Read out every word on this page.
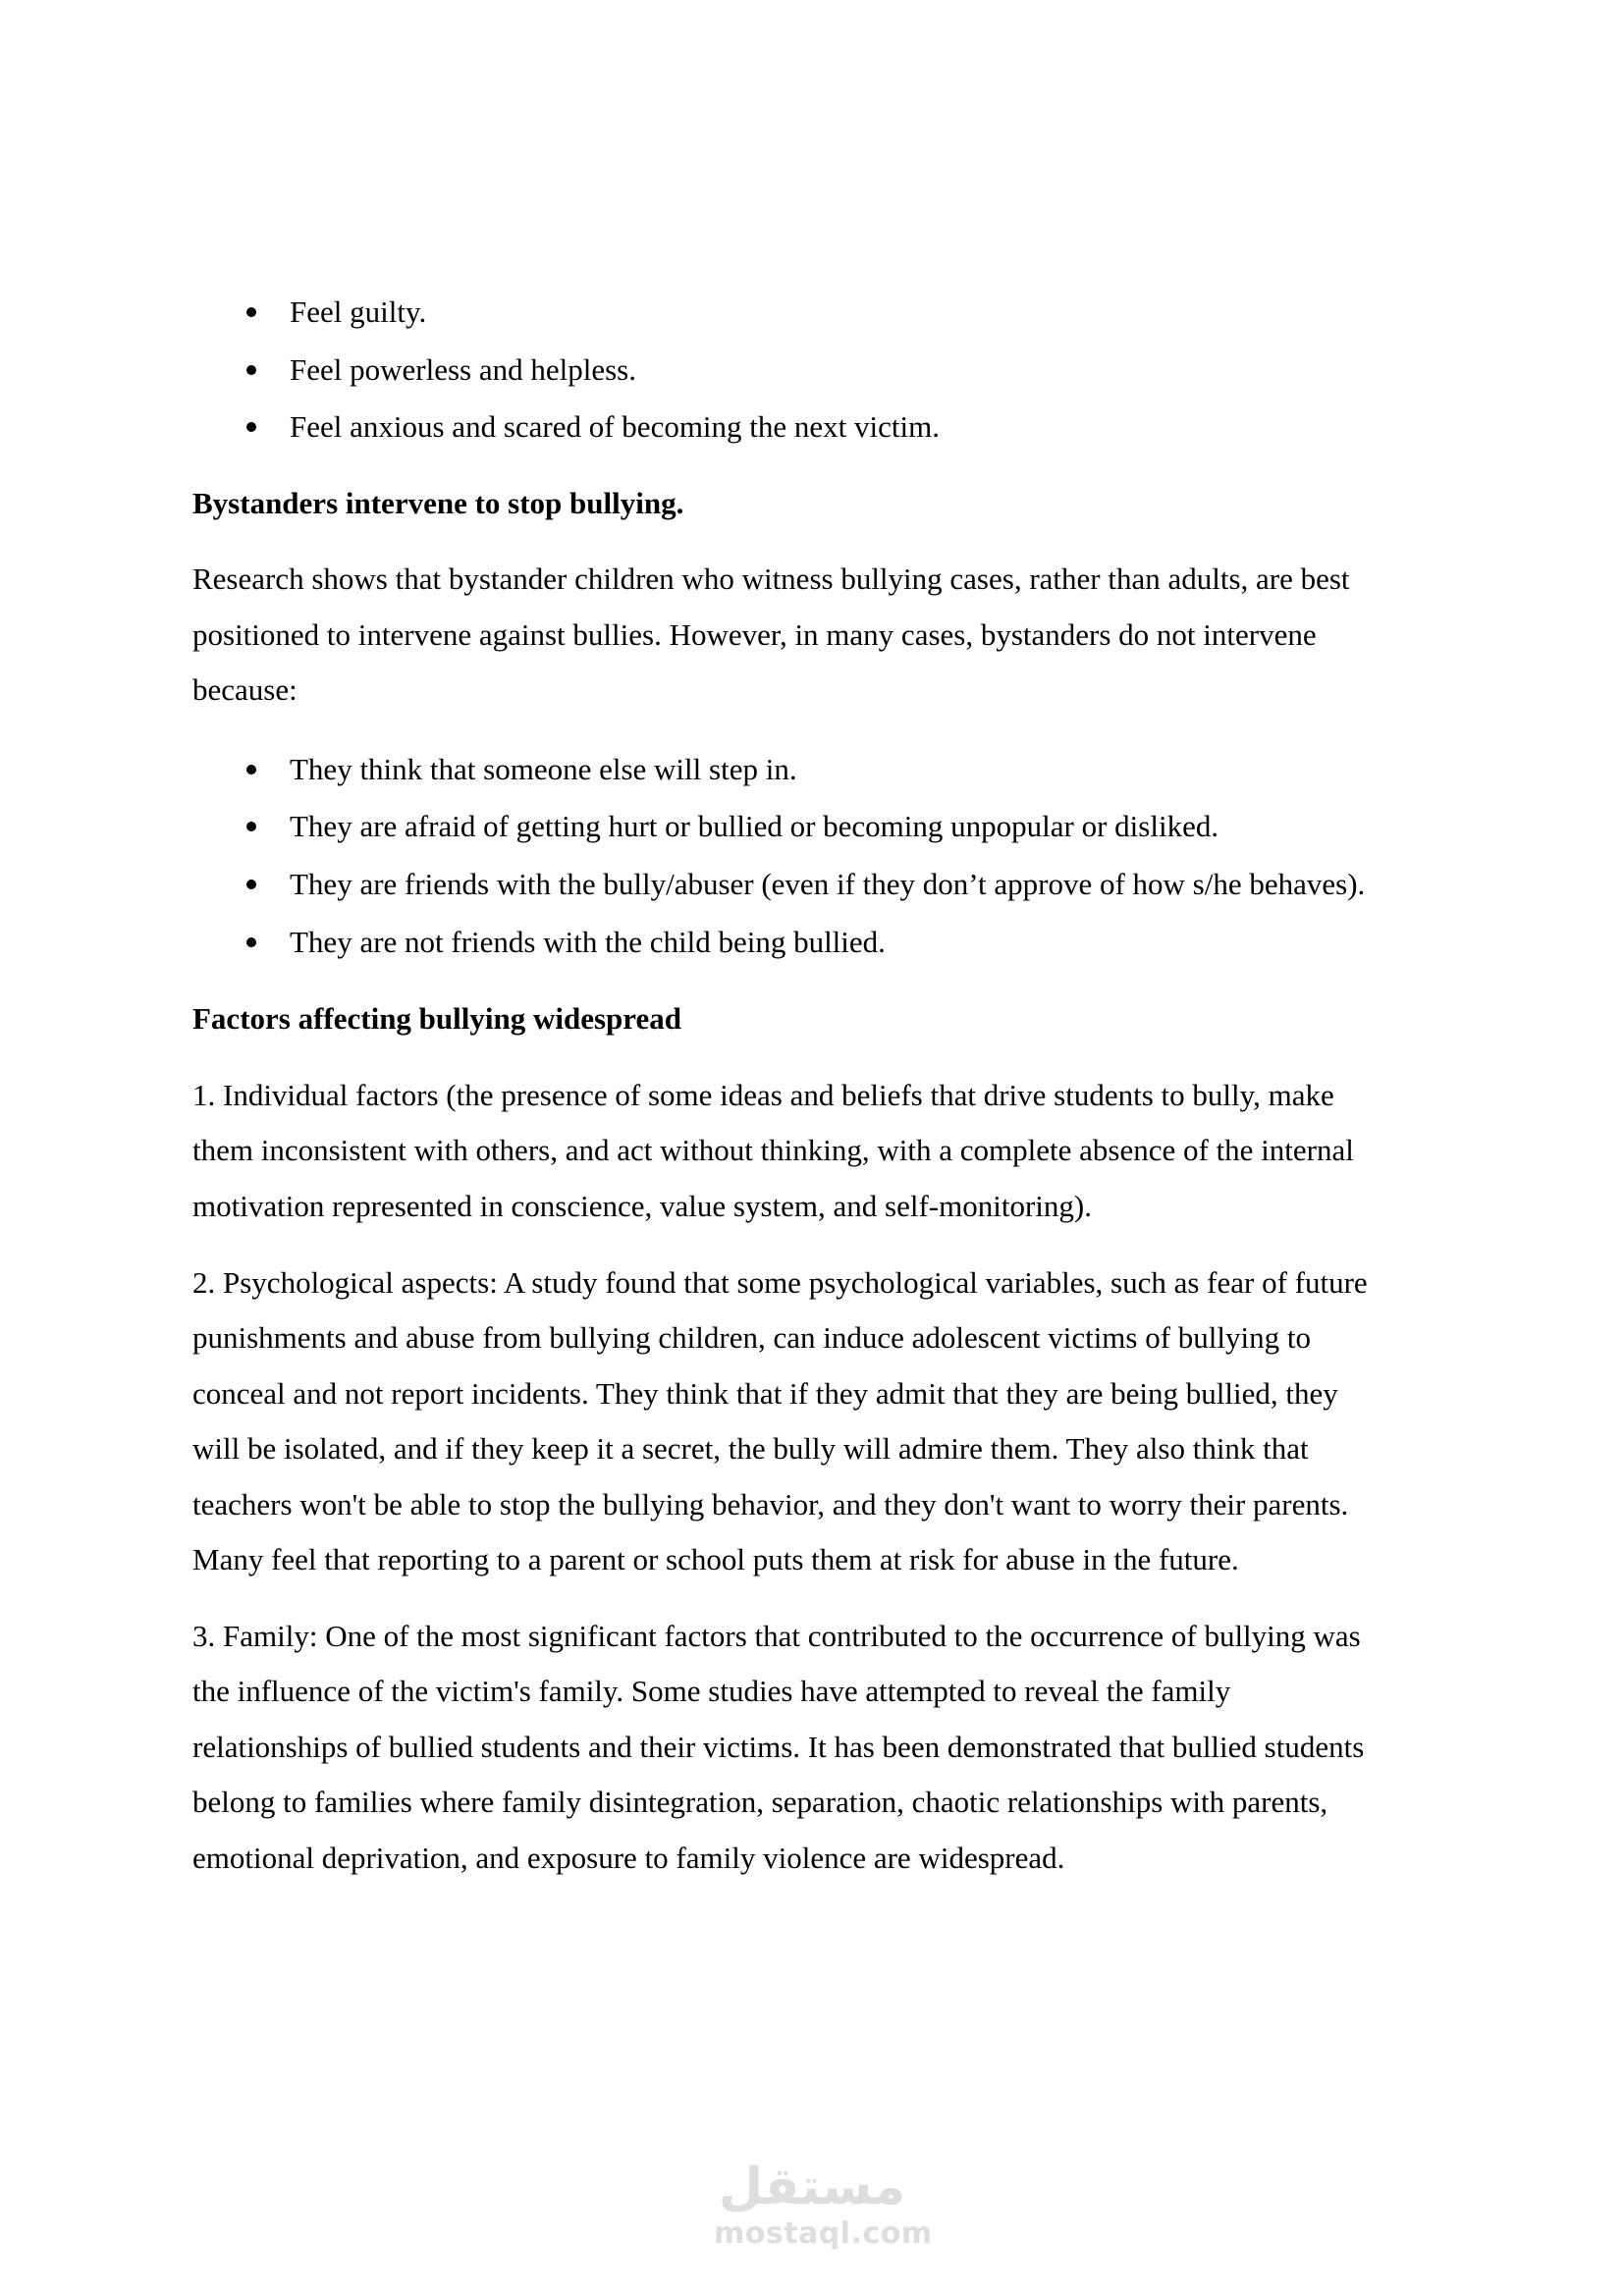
Feel guilty.
Feel powerless and helpless.
Feel anxious and scared of becoming the next victim.
Bystanders intervene to stop bullying.
Research shows that bystander children who witness bullying cases, rather than adults, are best
positioned to intervene against bullies. However, in many cases, bystanders do not intervene
because:
They think that someone else will step in.
They are afraid of getting hurt or bullied or becoming unpopular or disliked.
They are friends with the bully/abuser (even if they don’t approve of how s/he behaves).
They are not friends with the child being bullied.
Factors affecting bullying widespread
1. Individual factors (the presence of some ideas and beliefs that drive students to bully, make
them inconsistent with others, and act without thinking, with a complete absence of the internal
motivation represented in conscience, value system, and self-monitoring).
2. Psychological aspects: A study found that some psychological variables, such as fear of future
punishments and abuse from bullying children, can induce adolescent victims of bullying to
conceal and not report incidents. They think that if they admit that they are being bullied, they
will be isolated, and if they keep it a secret, the bully will admire them. They also think that
teachers won't be able to stop the bullying behavior, and they don't want to worry their parents.
Many feel that reporting to a parent or school puts them at risk for abuse in the future.
3. Family: One of the most significant factors that contributed to the occurrence of bullying was
the influence of the victim's family. Some studies have attempted to reveal the family
relationships of bullied students and their victims. It has been demonstrated that bullied students
belong to families where family disintegration, separation, chaotic relationships with parents,
emotional deprivation, and exposure to family violence are widespread.
مستقل
mostaql.com
